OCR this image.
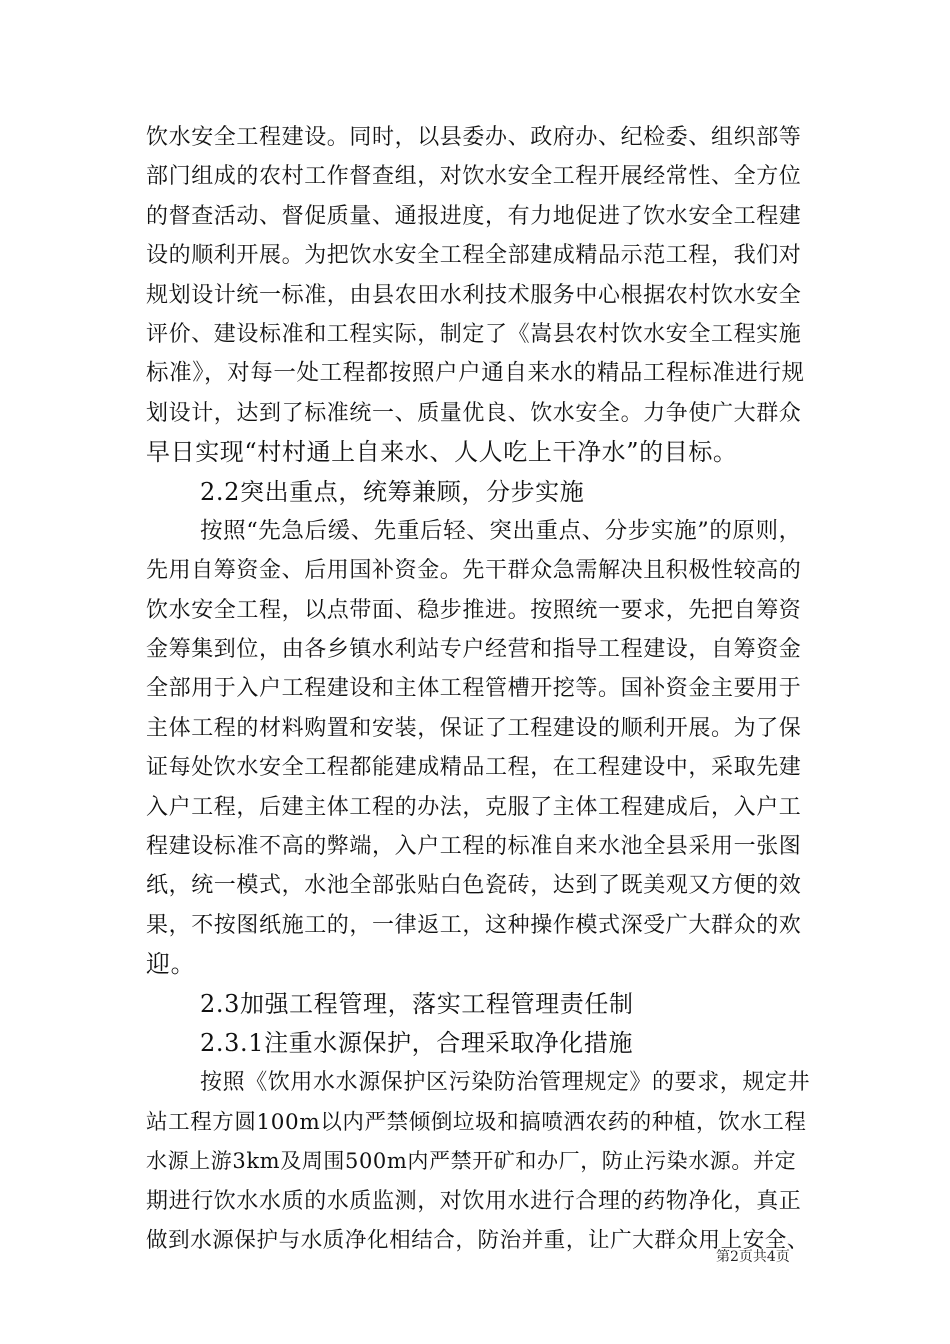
饮水安全工程建设。同时，以县委办、政府办、纪检委、组织部等
部门组成的农村工作督查组，对饮水安全工程开展经常性、全方位
的督查活动、督促质量、通报进度，有力地促进了饮水安全工程建
设的顺利开展。为把饮水安全工程全部建成精品示范工程，我们对
规划设计统一标准，由县农田水利技术服务中心根据农村饮水安全
评价、建设标准和工程实际，制定了《嵩县农村饮水安全工程实施
标准》，对每一处工程都按照户户通自来水的精品工程标准进行规
划设计，达到了标准统一、质量优良、饮水安全。力争使广大群众
早日实现“村村通上自来水、人人吃上干净水”的目标。
2.2突出重点，统筹兼顾，分步实施
按照“先急后缓、先重后轻、突出重点、分步实施”的原则，
先用自筹资金、后用国补资金。先干群众急需解决且积极性较高的
饮水安全工程，以点带面、稳步推进。按照统一要求，先把自筹资
金筹集到位，由各乡镇水利站专户经营和指导工程建设，自筹资金
全部用于入户工程建设和主体工程管槽开挖等。国补资金主要用于
主体工程的材料购置和安装，保证了工程建设的顺利开展。为了保
证每处饮水安全工程都能建成精品工程，在工程建设中，采取先建
入户工程，后建主体工程的办法，克服了主体工程建成后，入户工
程建设标准不高的弊端，入户工程的标准自来水池全县采用一张图
纸，统一模式，水池全部张贴白色瓷砖，达到了既美观又方便的效
果，不按图纸施工的，一律返工，这种操作模式深受广大群众的欢
迎。
2.3加强工程管理，落实工程管理责任制
2.3.1注重水源保护，合理采取净化措施
按照《饮用水水源保护区污染防治管理规定》的要求，规定井
站工程方圆100m以内严禁倾倒垃圾和搞喷洒农药的种植，饮水工程
水源上游3km及周围500m内严禁开矿和办厂，防止污染水源。并定
期进行饮水水质的水质监测，对饮用水进行合理的药物净化，真正
做到水源保护与水质净化相结合，防治并重，让广大群众用上安全、
第2页共4页
